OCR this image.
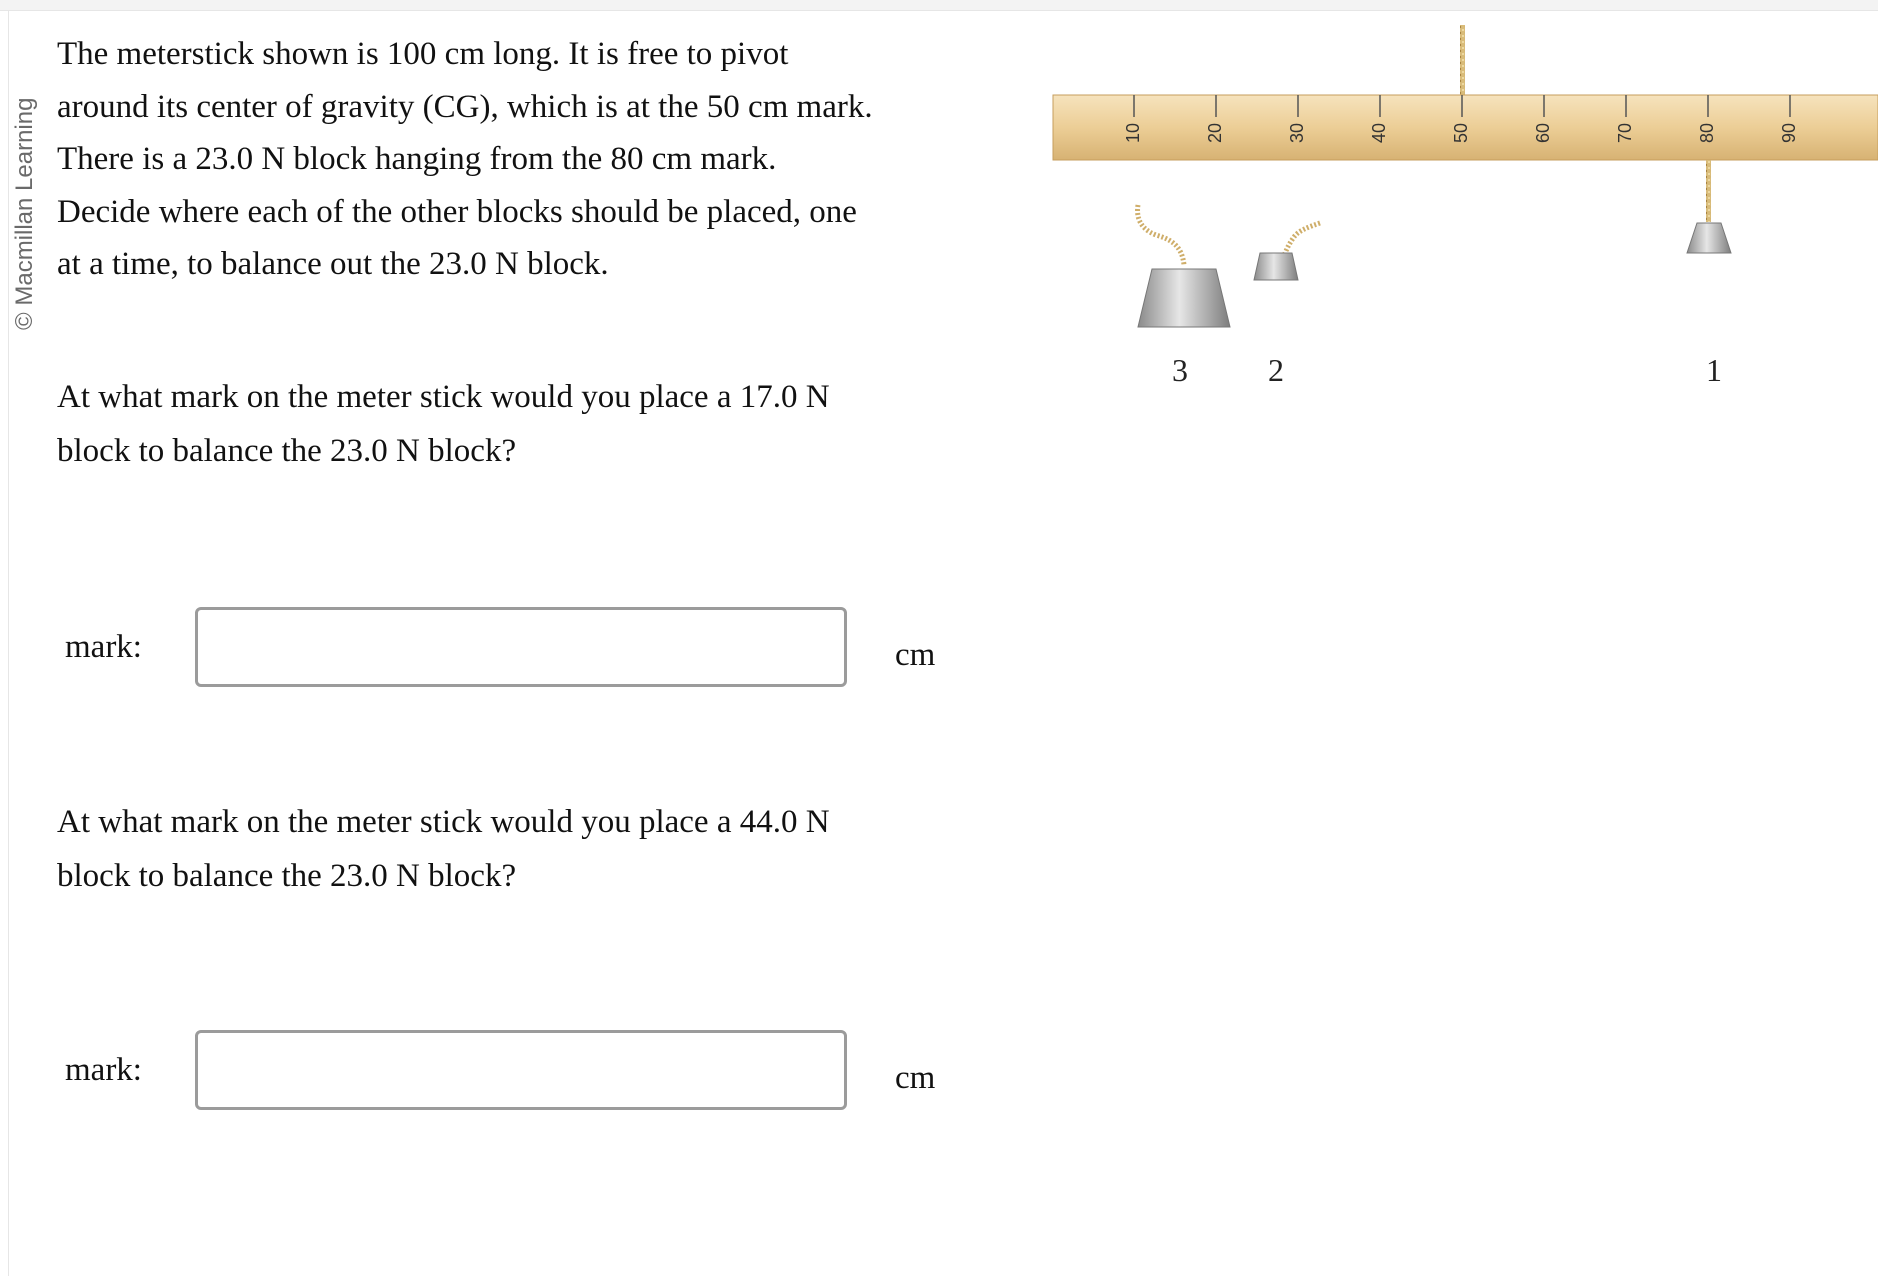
© Macmillan Learning

The meterstick shown is 100 cm long. It is free to pivot

around its center of gravity (CG), which is at the 50 cm mark.

There is a 23.0 N block hanging from the 80 cm mark.

Decide where each of the other blocks should be placed, one

at a time, to balance out the 23.0 N block.

At what mark on the meter stick would you place a 17.0 N
block to balance the 23.0 N block?
mark:	cm
At what mark on the meter stick would you place a 44.0 N
block to balance the 23.0 N block?
mark:	cm
10	20	30	40	50	60	70	80	90
3	2	1
